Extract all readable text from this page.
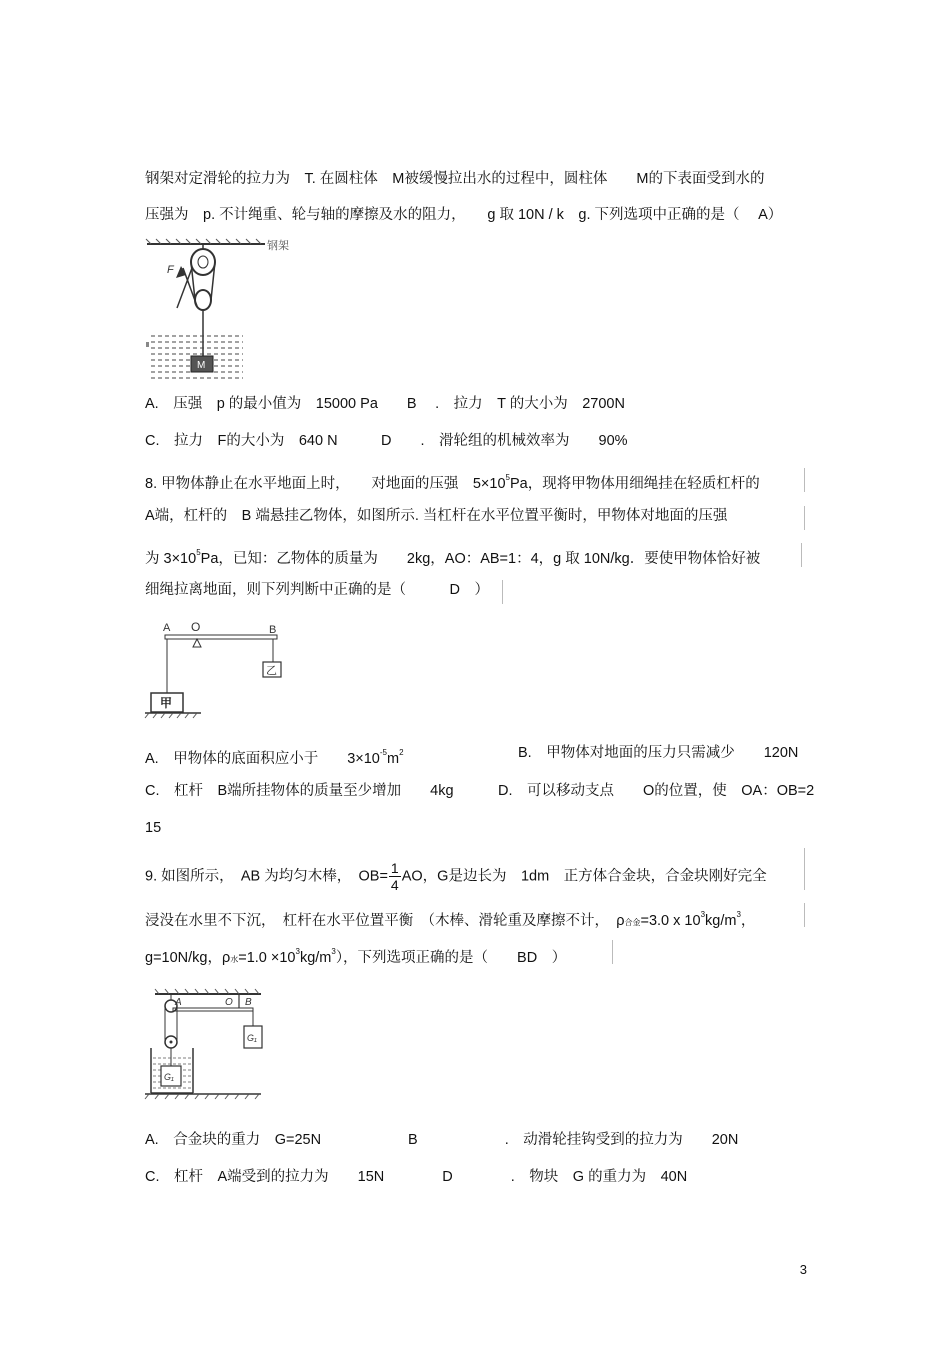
钢架对定滑轮的拉力为　T. 在圆柱体　M被缓慢拉出水的过程中，圆柱体　　M的下表面受到水的
压强为　p. 不计绳重、轮与轴的摩擦及水的阻力，　　g 取 10N / k　g. 下列选项中正确的是（　 A）
钢架
F
M
A.　压强　p 的最小值为　15000 Pa　　B　 .　拉力　T 的大小为　2700N
C.　拉力　F的大小为　640 N　　　D　　.　滑轮组的机械效率为　　90%
8. 甲物体静止在水平地面上时，　　对地面的压强　$5\times 10^5Pa$，现将甲物体用细绳挂在轻质杠杆的
A端，杠杆的　B 端悬挂乙物体，如图所示. 当杠杆在水平位置平衡时，甲物体对地面的压强
为 $3\times 10^5Pa$，已知：乙物体的质量为　　2kg，AO：AB=1：4，g 取 10N/kg．要使甲物体恰好被
细绳拉离地面，则下列判断中正确的是（　　　D　）
A O	B
乙
甲
A.　甲物体的底面积应小于　　$3\times 10^{-5}m^2$	B.　甲物体对地面的压力只需减少　　120N
C.　杠杆　B端所挂物体的质量至少增加　　4kg	D.　可以移动支点　　O的位置，使　OA：OB=2
15
9. 如图所示，　AB 为均匀木棒，　$OB= \frac{1}{4}$ AO，G是边长为　1dm　正方体合金块，合金块刚好完全
浸没在水里不下沉，　杠杆在水平位置平衡　（木棒、滑轮重及摩擦不计，　ρ合金=3.0 x $10^3kg/m^3$，
g=10N/kg，ρ水$=1.0 \times 10^3kg/m^3$），下列选项正确的是（　　BD　）
O B
A
G₁
G₁
A.　合金块的重力　G=25N　　　　　　B　　　　　　.　动滑轮挂钩受到的拉力为　　20N
C.　杠杆　A端受到的拉力为　　15N　　　　D　　　　.　物块　G 的重力为　40N
3
